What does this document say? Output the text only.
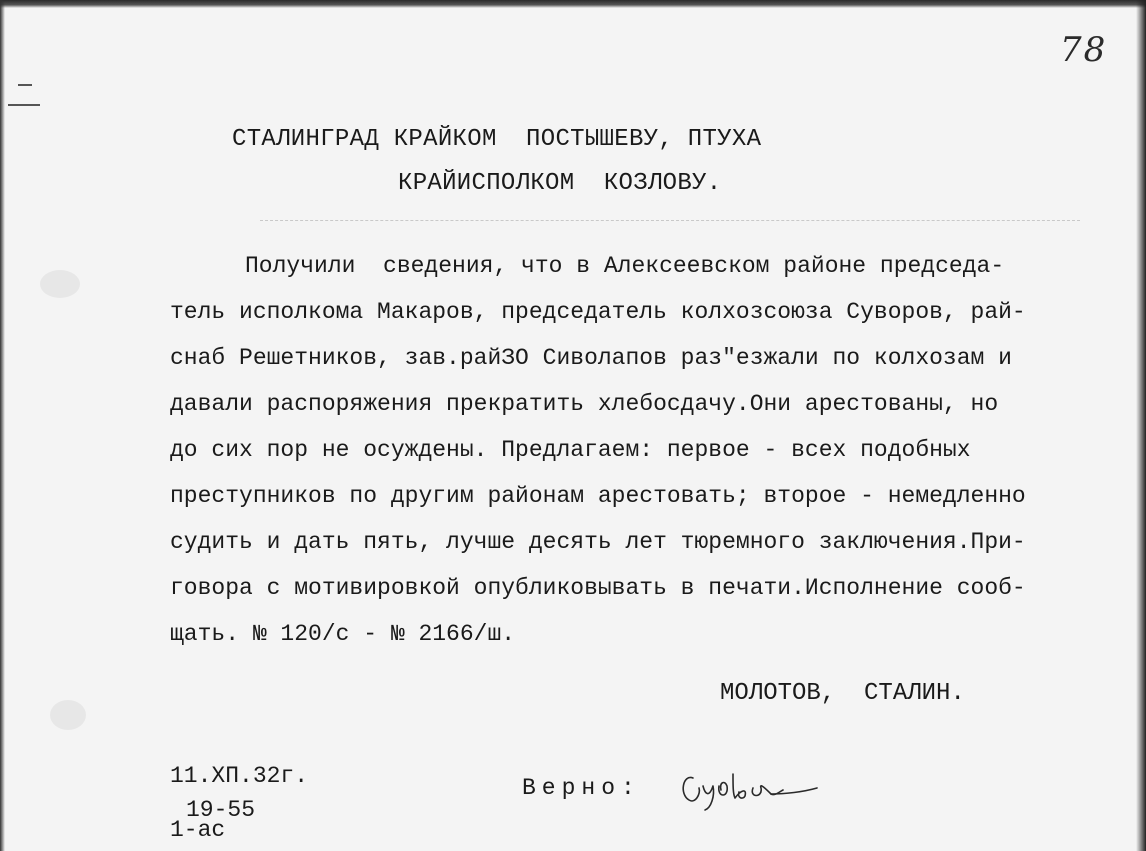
78
СТАЛИНГРАД КРАЙКОМ  ПОСТЫШЕВУ, ПТУХА
КРАЙИСПОЛКОМ  КОЗЛОВУ.
Получили  сведения, что в Алексеевском районе председа-
тель исполкома Макаров, председатель колхозсоюза Суворов, рай-
снаб Решетников, зав.райЗО Сиволапов раз"езжали по колхозам и
давали распоряжения прекратить хлебосдачу.Они арестованы, но
до сих пор не осуждены. Предлагаем: первое - всех подобных
преступников по другим районам арестовать; второе - немедленно
судить и дать пять, лучше десять лет тюремного заключения.При-
говора с мотивировкой опубликовывать в печати.Исполнение сооб-
щать. № 120/с - № 2166/ш.
МОЛОТОВ,  СТАЛИН.
11.ХП.32г.
19-55
1-ас
Верно:
